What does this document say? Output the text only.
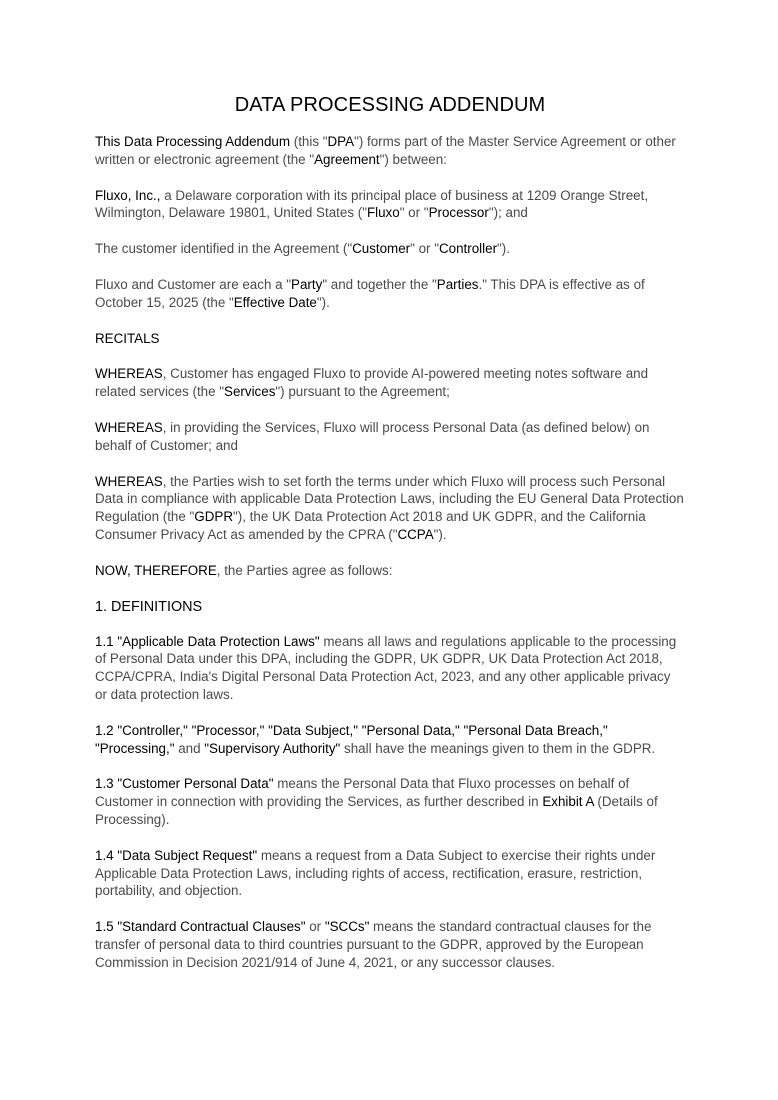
DATA PROCESSING ADDENDUM

This Data Processing Addendum (this "DPA") forms part of the Master Service Agreement or other written or electronic agreement (the "Agreement") between:

Fluxo, Inc., a Delaware corporation with its principal place of business at 1209 Orange Street, Wilmington, Delaware 19801, United States ("Fluxo" or "Processor"); and

The customer identified in the Agreement ("Customer" or "Controller").

Fluxo and Customer are each a "Party" and together the "Parties." This DPA is effective as of October 15, 2025 (the "Effective Date").

RECITALS

WHEREAS, Customer has engaged Fluxo to provide AI-powered meeting notes software and related services (the "Services") pursuant to the Agreement;

WHEREAS, in providing the Services, Fluxo will process Personal Data (as defined below) on behalf of Customer; and

WHEREAS, the Parties wish to set forth the terms under which Fluxo will process such Personal Data in compliance with applicable Data Protection Laws, including the EU General Data Protection Regulation (the "GDPR"), the UK Data Protection Act 2018 and UK GDPR, and the California Consumer Privacy Act as amended by the CPRA ("CCPA").

NOW, THEREFORE, the Parties agree as follows:

1. DEFINITIONS

1.1 "Applicable Data Protection Laws" means all laws and regulations applicable to the processing of Personal Data under this DPA, including the GDPR, UK GDPR, UK Data Protection Act 2018, CCPA/CPRA, India's Digital Personal Data Protection Act, 2023, and any other applicable privacy or data protection laws.

1.2 "Controller," "Processor," "Data Subject," "Personal Data," "Personal Data Breach," "Processing," and "Supervisory Authority" shall have the meanings given to them in the GDPR.

1.3 "Customer Personal Data" means the Personal Data that Fluxo processes on behalf of Customer in connection with providing the Services, as further described in Exhibit A (Details of Processing).

1.4 "Data Subject Request" means a request from a Data Subject to exercise their rights under Applicable Data Protection Laws, including rights of access, rectification, erasure, restriction, portability, and objection.

1.5 "Standard Contractual Clauses" or "SCCs" means the standard contractual clauses for the transfer of personal data to third countries pursuant to the GDPR, approved by the European Commission in Decision 2021/914 of June 4, 2021, or any successor clauses.
